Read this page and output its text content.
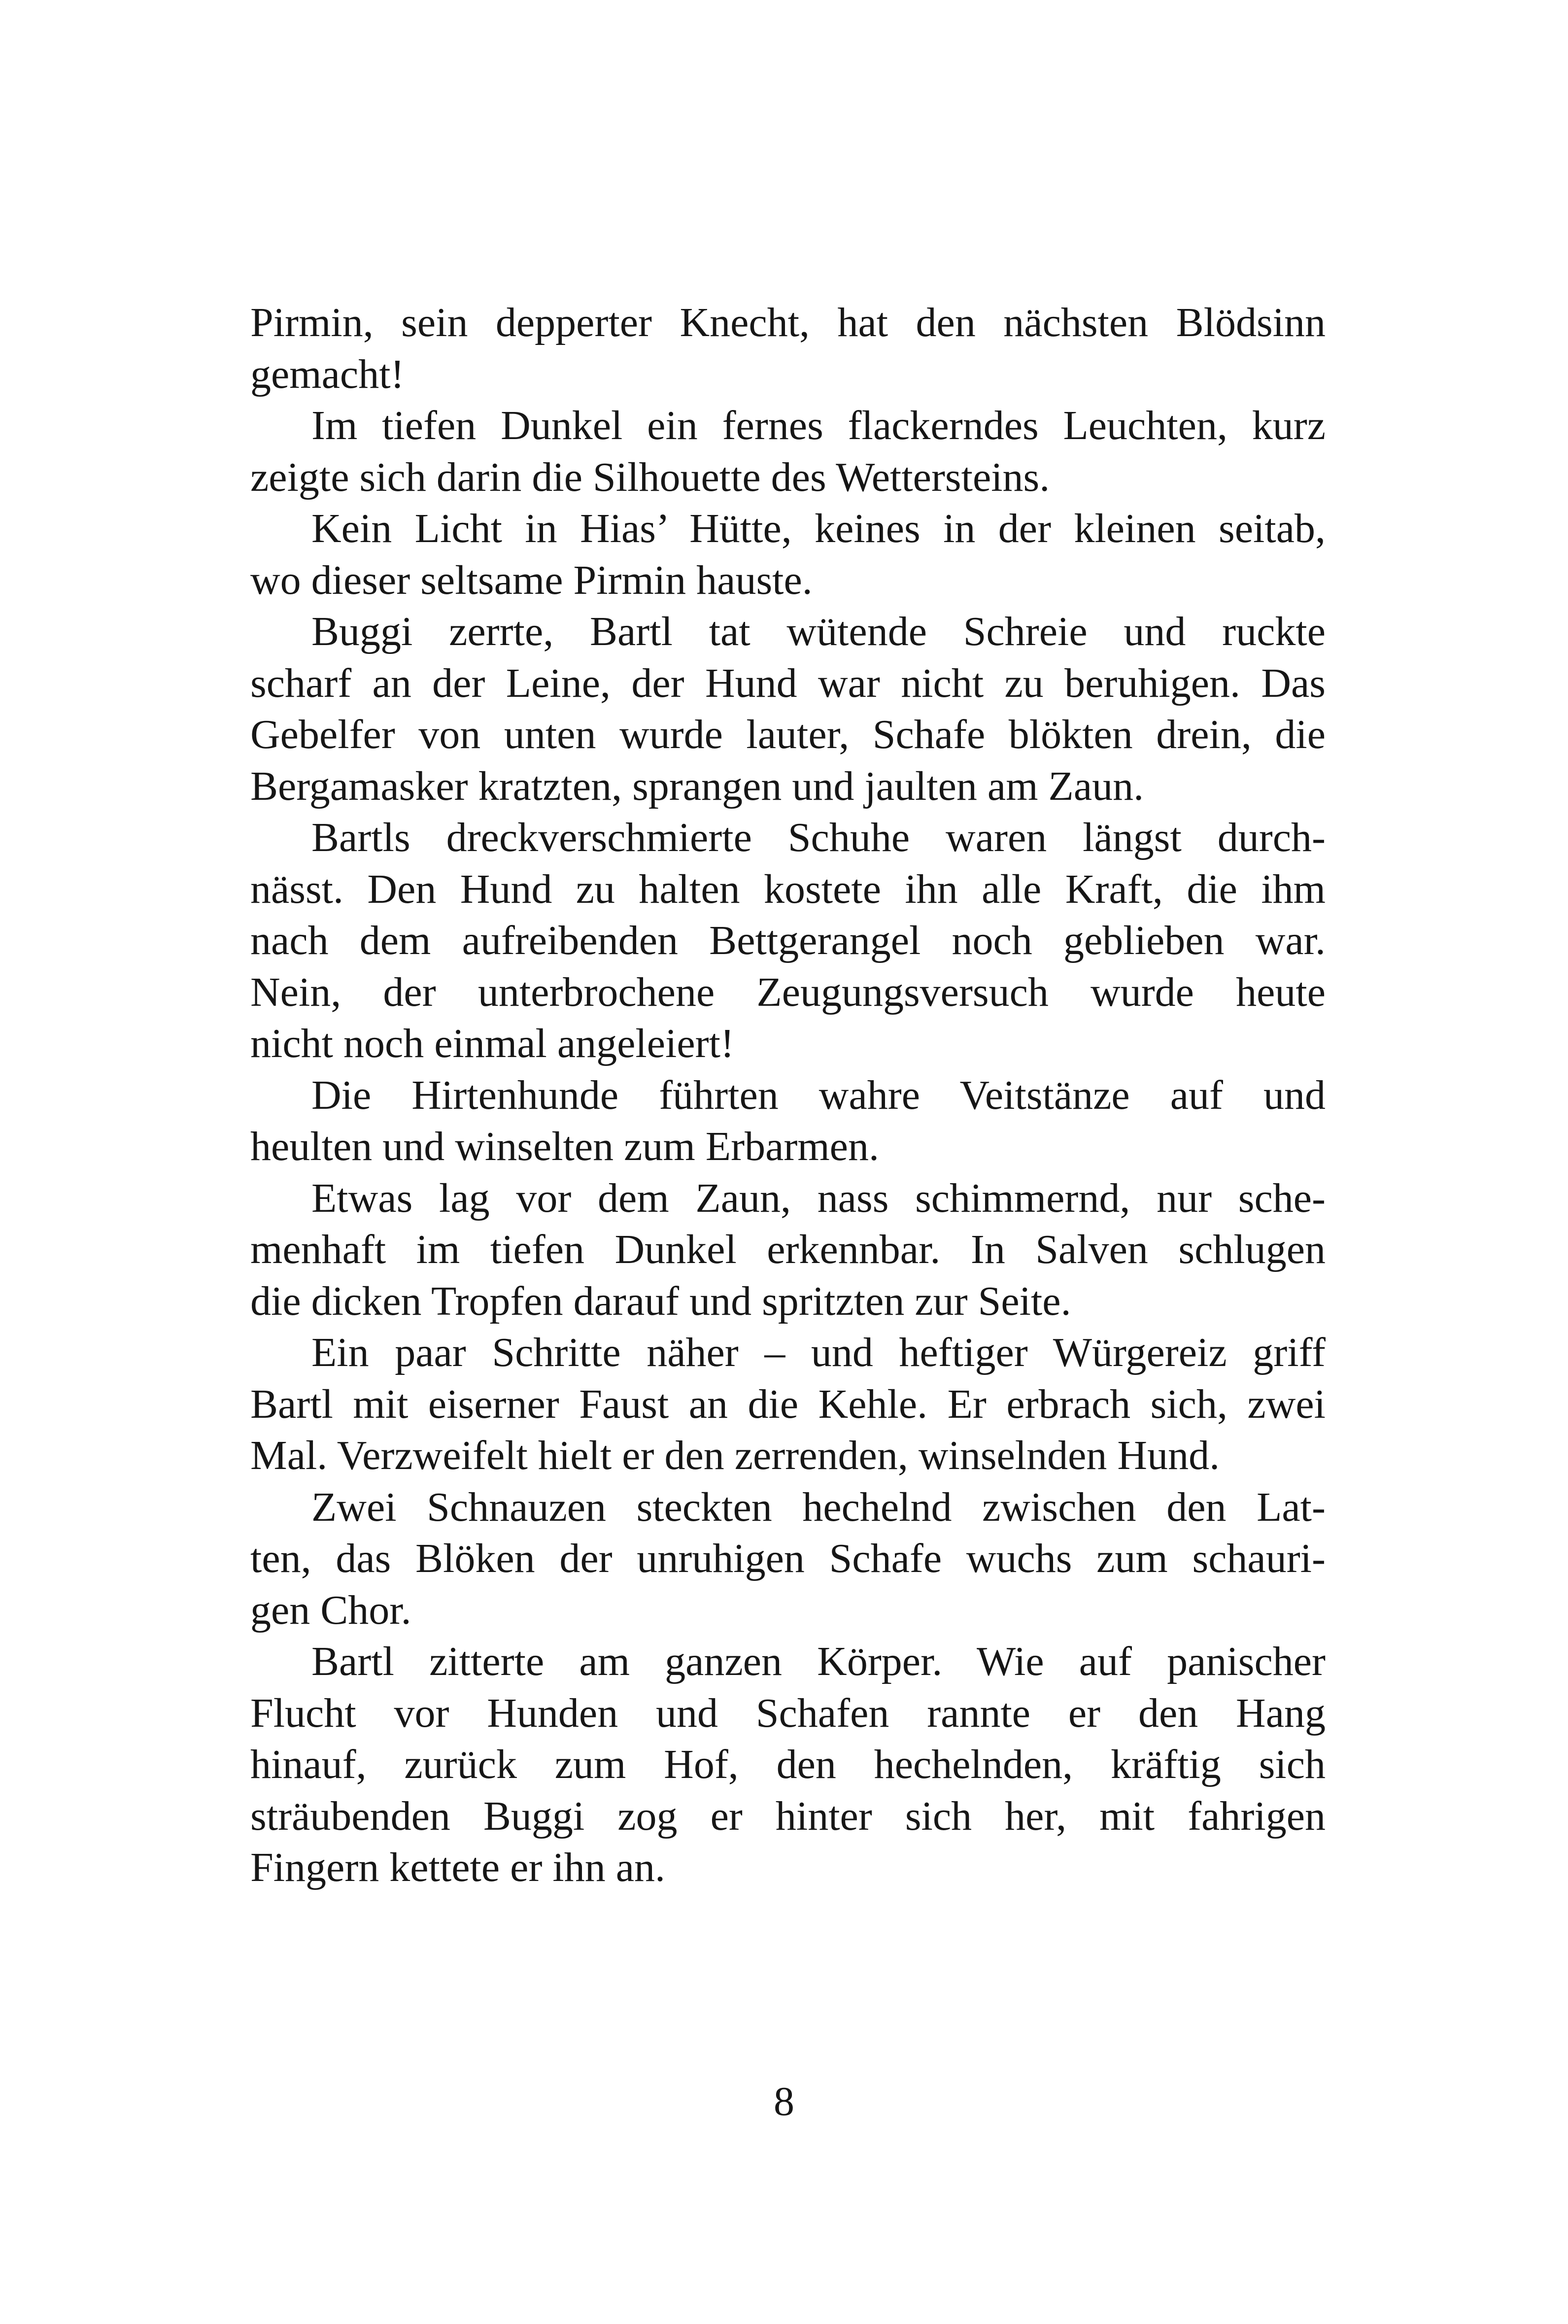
Pirmin, sein depperter Knecht, hat den nächsten Blödsinn
gemacht!

Im tiefen Dunkel ein fernes flackerndes Leuchten, kurz
zeigte sich darin die Silhouette des Wettersteins.

Kein Licht in Hias’ Hütte, keines in der kleinen seitab,
wo dieser seltsame Pirmin hauste.

Buggi zerrte, Bartl tat wütende Schreie und ruckte
scharf an der Leine, der Hund war nicht zu beruhigen. Das
Gebelfer von unten wurde lauter, Schafe blökten drein, die
Bergamasker kratzten, sprangen und jaulten am Zaun.

Bartls dreckverschmierte Schuhe waren längst durch-
nässt. Den Hund zu halten kostete ihn alle Kraft, die ihm
nach dem aufreibenden Bettgerangel noch geblieben war.
Nein, der unterbrochene Zeugungsversuch wurde heute
nicht noch einmal angeleiert!

Die Hirtenhunde führten wahre Veitstänze auf und
heulten und winselten zum Erbarmen.

Etwas lag vor dem Zaun, nass schimmernd, nur sche-
menhaft im tiefen Dunkel erkennbar. In Salven schlugen
die dicken Tropfen darauf und spritzten zur Seite.

Ein paar Schritte näher – und heftiger Würgereiz griff
Bartl mit eiserner Faust an die Kehle. Er erbrach sich, zwei
Mal. Verzweifelt hielt er den zerrenden, winselnden Hund.

Zwei Schnauzen steckten hechelnd zwischen den Lat-
ten, das Blöken der unruhigen Schafe wuchs zum schauri-
gen Chor.

Bartl zitterte am ganzen Körper. Wie auf panischer
Flucht vor Hunden und Schafen rannte er den Hang
hinauf, zurück zum Hof, den hechelnden, kräftig sich
sträubenden Buggi zog er hinter sich her, mit fahrigen
Fingern kettete er ihn an.

8
